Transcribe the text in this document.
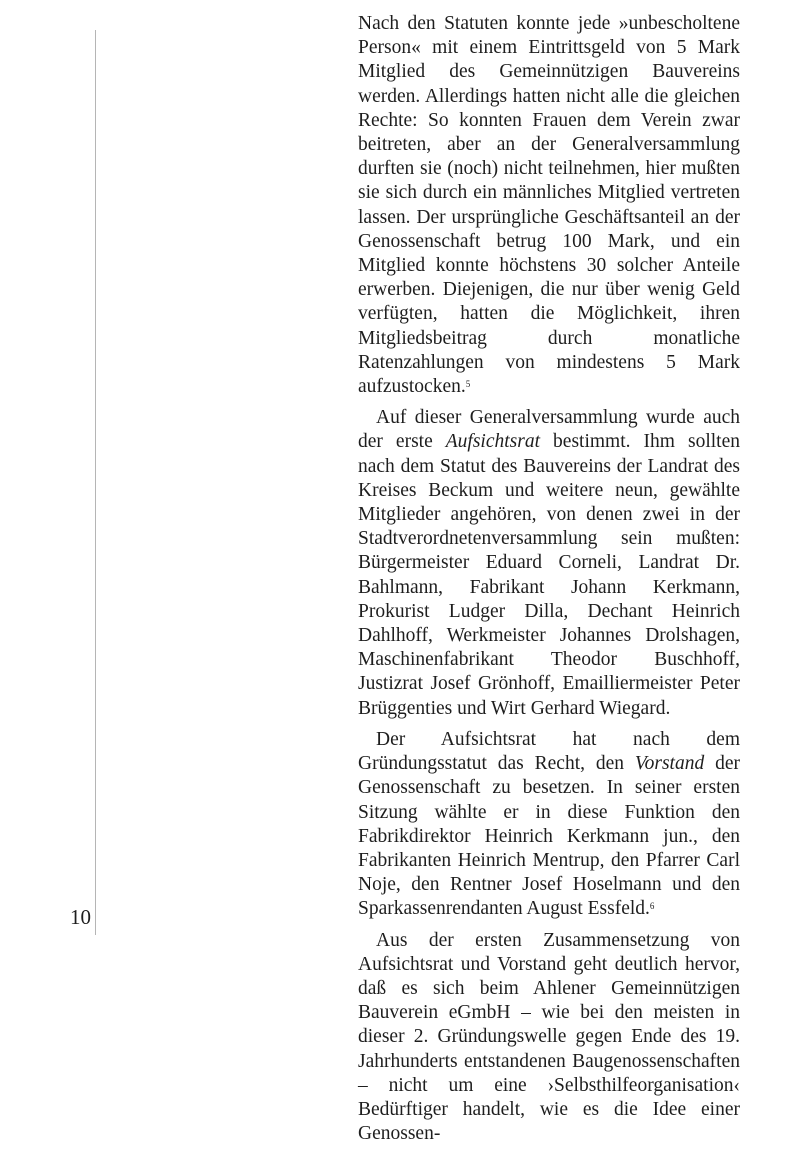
10

Nach den Statuten konnte jede »unbescholtene Person« mit einem Eintrittsgeld von 5 Mark Mitglied des Gemeinnützigen Bauvereins werden. Allerdings hatten nicht alle die gleichen Rechte: So konnten Frauen dem Verein zwar beitreten, aber an der Generalversammlung durften sie (noch) nicht teilnehmen, hier mußten sie sich durch ein männliches Mitglied vertreten lassen. Der ursprüngliche Geschäftsanteil an der Genossenschaft betrug 100 Mark, und ein Mitglied konnte höchstens 30 solcher Anteile erwerben. Diejenigen, die nur über wenig Geld verfügten, hatten die Möglichkeit, ihren Mitgliedsbeitrag durch monatliche Ratenzahlungen von mindestens 5 Mark aufzustocken.$^5$

Auf dieser Generalversammlung wurde auch der erste Aufsichtsrat bestimmt. Ihm sollten nach dem Statut des Bauvereins der Landrat des Kreises Beckum und weitere neun, gewählte Mitglieder angehören, von denen zwei in der Stadtverordnetenversammlung sein mußten: Bürgermeister Eduard Corneli, Landrat Dr. Bahlmann, Fabrikant Johann Kerkmann, Prokurist Ludger Dilla, Dechant Heinrich Dahlhoff, Werkmeister Johannes Drolshagen, Maschinenfabrikant Theodor Buschhoff, Justizrat Josef Grönhoff, Emailliermeister Peter Brüggenties und Wirt Gerhard Wiegard.

Der Aufsichtsrat hat nach dem Gründungsstatut das Recht, den Vorstand der Genossenschaft zu besetzen. In seiner ersten Sitzung wählte er in diese Funktion den Fabrikdirektor Heinrich Kerkmann jun., den Fabrikanten Heinrich Mentrup, den Pfarrer Carl Noje, den Rentner Josef Hoselmann und den Sparkassenrendanten August Essfeld.$^6$

Aus der ersten Zusammensetzung von Aufsichtsrat und Vorstand geht deutlich hervor, daß es sich beim Ahlener Gemeinnützigen Bauverein eGmbH – wie bei den meisten in dieser 2. Gründungswelle gegen Ende des 19. Jahrhunderts entstandenen Baugenossenschaften – nicht um eine ›Selbsthilfeorganisation‹ Bedürftiger handelt, wie es die Idee einer Genossen-
